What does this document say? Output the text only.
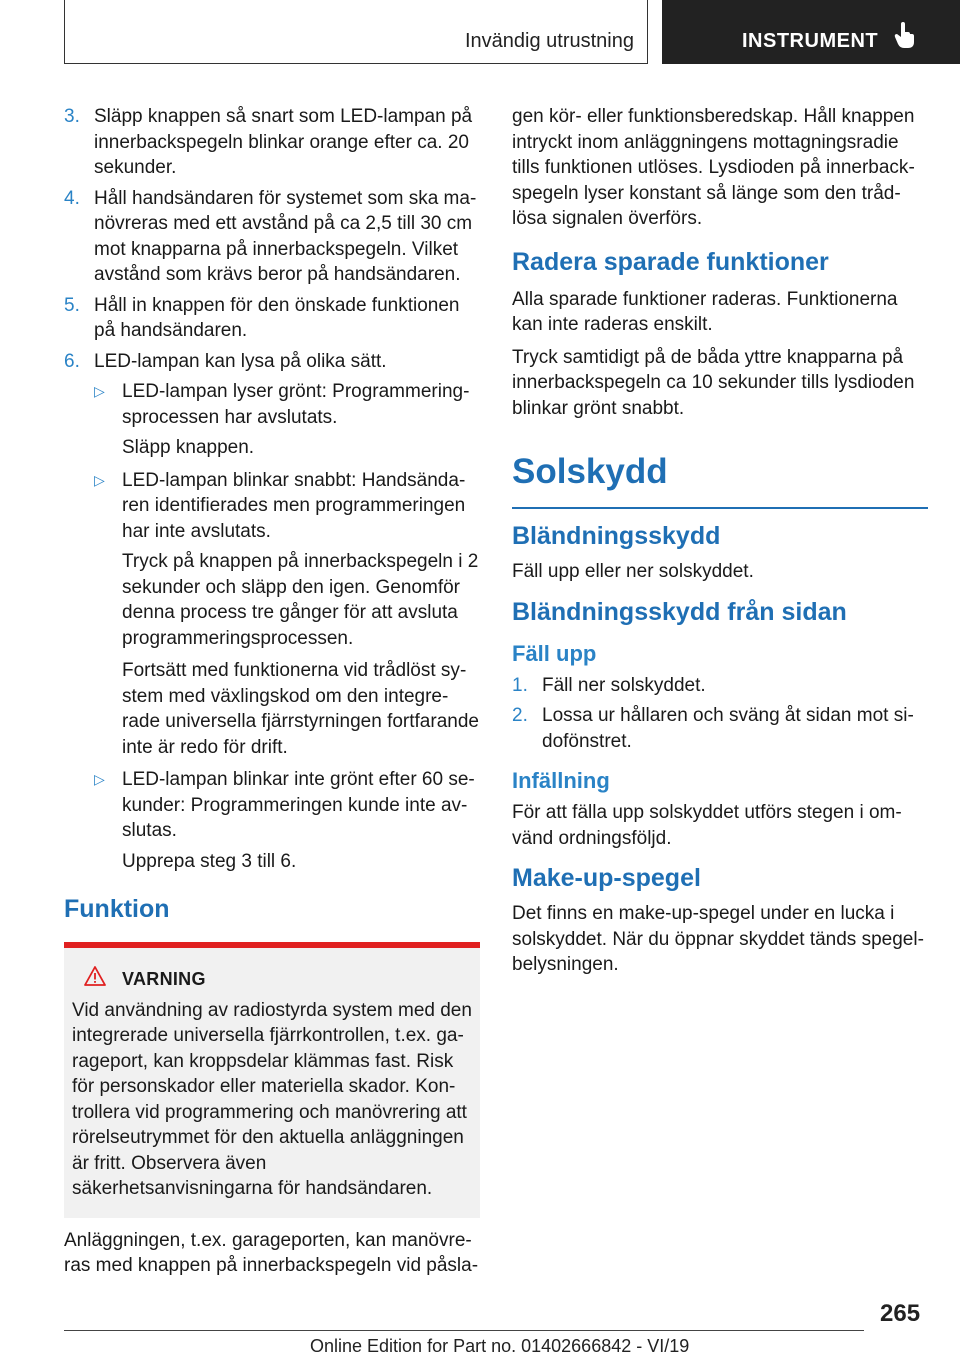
Invändig utrustning	INSTRUMENT
3. Släpp knappen så snart som LED-lampan på innerbackspegeln blinkar orange efter ca. 20 sekunder.
4. Håll handsändaren för systemet som ska manövreras med ett avstånd på ca 2,5 till 30 cm mot knapparna på innerbackspegeln. Vilket avstånd som krävs beror på handsändaren.
5. Håll in knappen för den önskade funktionen på handsändaren.
6. LED-lampan kan lysa på olika sätt.
▷ LED-lampan lyser grönt: Programmeringsprocessen har avslutats.
Släpp knappen.
▷ LED-lampan blinkar snabbt: Handsändaren identifierades men programmeringen har inte avslutats.
Tryck på knappen på innerbackspegeln i 2 sekunder och släpp den igen. Genomför denna process tre gånger för att avsluta programmeringsprocessen.
Fortsätt med funktionerna vid trådlöst system med växlingskod om den integrerade universella fjärrstyrningen fortfarande inte är redo för drift.
▷ LED-lampan blinkar inte grönt efter 60 sekunder: Programmeringen kunde inte avslutas.
Upprepa steg 3 till 6.
Funktion
VARNING
Vid användning av radiostyrda system med den integrerade universella fjärrkontrollen, t.ex. garageport, kan kroppsdelar klämmas fast. Risk för personskador eller materiella skador. Kontrollera vid programmering och manövrering att rörelseutrymmet för den aktuella anläggningen är fritt. Observera även säkerhetsanvisningarna för handsändaren.

Anläggningen, t.ex. garageporten, kan manövreras med knappen på innerbackspegeln vid påsla-

gen kör- eller funktionsberedskap. Håll knappen intryckt inom anläggningens mottagningsradie tills funktionen utlöses. Lysdioden på innerbackspegeln lyser konstant så länge som den trådlösa signalen överförs.

Radera sparade funktioner

Alla sparade funktioner raderas. Funktionerna kan inte raderas enskilt.

Tryck samtidigt på de båda yttre knapparna på innerbackspegeln ca 10 sekunder tills lysdioden blinkar grönt snabbt.

Solskydd
Bländningsskydd

Fäll upp eller ner solskyddet.

Bländningsskydd från sidan
Fäll upp
1. Fäll ner solskyddet.
2. Lossa ur hållaren och sväng åt sidan mot sidofönstret.
Infällning

För att fälla upp solskyddet utförs stegen i omvänd ordningsföljd.

Make-up-spegel

Det finns en make-up-spegel under en lucka i solskyddet. När du öppnar skyddet tänds spegelbelysningen.

265
Online Edition for Part no. 01402666842 - VI/19
